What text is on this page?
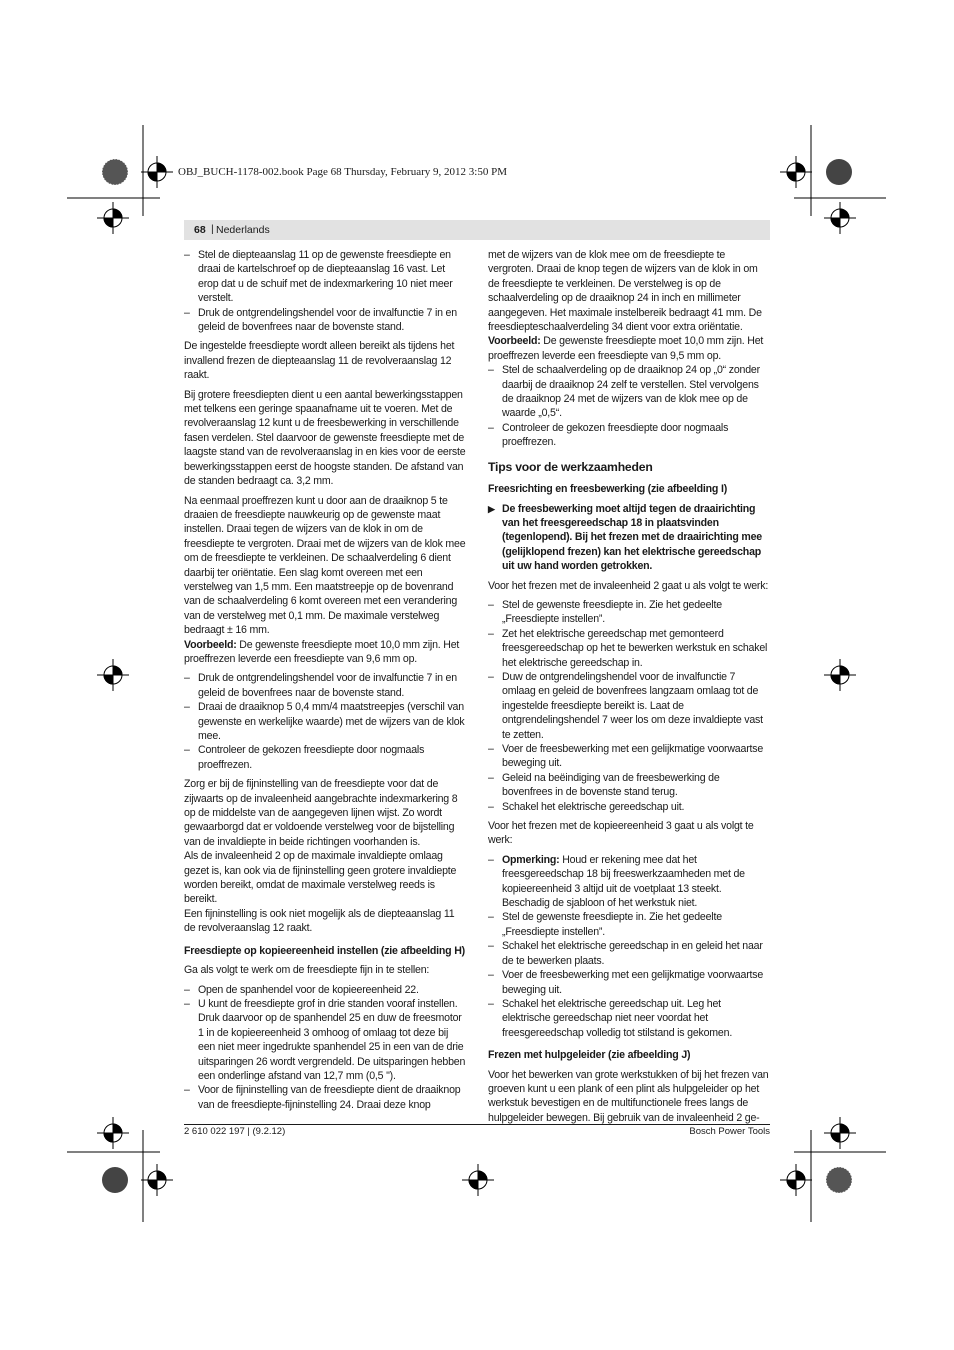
OBJ_BUCH-1178-002.book Page 68 Thursday, February 9, 2012 3:50 PM
68 | Nederlands
– Stel de diepteaanslag 11 op de gewenste freesdiepte en draai de kartelschroef op de diepteaanslag 16 vast. Let erop dat u de schuif met de indexmarkering 10 niet meer verstelt.
– Druk de ontgrendelingshendel voor de invalfunctie 7 in en geleid de bovenfrees naar de bovenste stand.

De ingestelde freesdiepte wordt alleen bereikt als tijdens het invallend frezen de diepteaanslag 11 de revolveraanslag 12 raakt.

Bij grotere freesdiepten dient u een aantal bewerkingsstappen met telkens een geringe spaanafname uit te voeren. Met de revolveraanslag 12 kunt u de freesbewerking in verschillende fasen verdelen. Stel daarvoor de gewenste freesdiepte met de laagste stand van de revolveraanslag in en kies voor de eerste bewerkingsstappen eerst de hoogste standen. De afstand van de standen bedraagt ca. 3,2 mm.

Na eenmaal proeffrezen kunt u door aan de draaiknop 5 te draaien de freesdiepte nauwkeurig op de gewenste maat instellen. Draai tegen de wijzers van de klok in om de freesdiepte te vergroten. Draai met de wijzers van de klok mee om de freesdiepte te verkleinen. De schaalverdeling 6 dient daarbij ter oriëntatie. Een slag komt overeen met een verstelweg van 1,5 mm. Een maatstreepje op de bovenrand van de schaalverdeling 6 komt overeen met een verandering van de verstelweg met 0,1 mm. De maximale verstelweg bedraagt ± 16 mm.

Voorbeeld: De gewenste freesdiepte moet 10,0 mm zijn. Het proeffrezen leverde een freesdiepte van 9,6 mm op.

– Druk de ontgrendelingshendel voor de invalfunctie 7 in en geleid de bovenfrees naar de bovenste stand.
– Draai de draaiknop 5 0,4 mm/4 maatstreepjes (verschil van gewenste en werkelijke waarde) met de wijzers van de klok mee.
– Controleer de gekozen freesdiepte door nogmaals proeffrezen.

Zorg er bij de fijninstelling van de freesdiepte voor dat de zijwaarts op de invaleenheid aangebrachte indexmarkering 8 op de middelste van de aangegeven lijnen wijst. Zo wordt gewaarborgd dat er voldoende verstelweg voor de bijstelling van de invaldiepte in beide richtingen voorhanden is.

Als de invaleenheid 2 op de maximale invaldiepte omlaag gezet is, kan ook via de fijninstelling geen grotere invaldiepte worden bereikt, omdat de maximale verstelweg reeds is bereikt.

Een fijninstelling is ook niet mogelijk als de diepteaanslag 11 de revolveraanslag 12 raakt.

Freesdiepte op kopieereenheid instellen (zie afbeelding H)

Ga als volgt te werk om de freesdiepte fijn in te stellen:

– Open de spanhendel voor de kopieereenheid 22.
– U kunt de freesdiepte grof in drie standen vooraf instellen. Druk daarvoor op de spanhendel 25 en duw de freesmotor 1 in de kopieereenheid 3 omhoog of omlaag tot deze bij een niet meer ingedrukte spanhendel 25 in een van de drie uitsparingen 26 wordt vergrendeld. De uitsparingen hebben een onderlinge afstand van 12,7 mm (0,5 ").
– Voor de fijninstelling van de freesdiepte dient de draaiknop van de freesdiepte-fijninstelling 24. Draai deze knop

met de wijzers van de klok mee om de freesdiepte te vergroten. Draai de knop tegen de wijzers van de klok in om de freesdiepte te verkleinen. De verstelweg is op de schaalverdeling op de draaiknop 24 in inch en millimeter aangegeven. Het maximale instelbereik bedraagt 41 mm. De freesdiepteschaalverdeling 34 dient voor extra oriëntatie.

Voorbeeld: De gewenste freesdiepte moet 10,0 mm zijn. Het proeffrezen leverde een freesdiepte van 9,5 mm op.

– Stel de schaalverdeling op de draaiknop 24 op „0“ zonder daarbij de draaiknop 24 zelf te verstellen. Stel vervolgens de draaiknop 24 met de wijzers van de klok mee op de waarde „0,5“.
– Controleer de gekozen freesdiepte door nogmaals proeffrezen.
Tips voor de werkzaamheden
Freesrichting en freesbewerking (zie afbeelding I)
▶ De freesbewerking moet altijd tegen de draairichting van het freesgereedschap 18 in plaatsvinden (tegenlopend). Bij het frezen met de draairichting mee (gelijklopend frezen) kan het elektrische gereedschap uit uw hand worden getrokken.

Voor het frezen met de invaleenheid 2 gaat u als volgt te werk:

– Stel de gewenste freesdiepte in. Zie het gedeelte „Freesdiepte instellen”.
– Zet het elektrische gereedschap met gemonteerd freesgereedschap op het te bewerken werkstuk en schakel het elektrische gereedschap in.
– Duw de ontgrendelingshendel voor de invalfunctie 7 omlaag en geleid de bovenfrees langzaam omlaag tot de ingestelde freesdiepte bereikt is. Laat de ontgrendelingshendel 7 weer los om deze invaldiepte vast te zetten.
– Voer de freesbewerking met een gelijkmatige voorwaartse beweging uit.
– Geleid na beëindiging van de freesbewerking de bovenfrees in de bovenste stand terug.
– Schakel het elektrische gereedschap uit.

Voor het frezen met de kopieereenheid 3 gaat u als volgt te werk:

– Opmerking: Houd er rekening mee dat het freesgereedschap 18 bij freeswerkzaamheden met de kopieereenheid 3 altijd uit de voetplaat 13 steekt. Beschadig de sjabloon of het werkstuk niet.
– Stel de gewenste freesdiepte in. Zie het gedeelte „Freesdiepte instellen”.
– Schakel het elektrische gereedschap in en geleid het naar de te bewerken plaats.
– Voer de freesbewerking met een gelijkmatige voorwaartse beweging uit.
– Schakel het elektrische gereedschap uit. Leg het elektrische gereedschap niet neer voordat het freesgereedschap volledig tot stilstand is gekomen.
Frezen met hulpgeleider (zie afbeelding J)

Voor het bewerken van grote werkstukken of bij het frezen van groeven kunt u een plank of een plint als hulpgeleider op het werkstuk bevestigen en de multifunctionele frees langs de hulpgeleider bewegen. Bij gebruik van de invaleenheid 2 ge-

2 610 022 197 | (9.2.12)	Bosch Power Tools
